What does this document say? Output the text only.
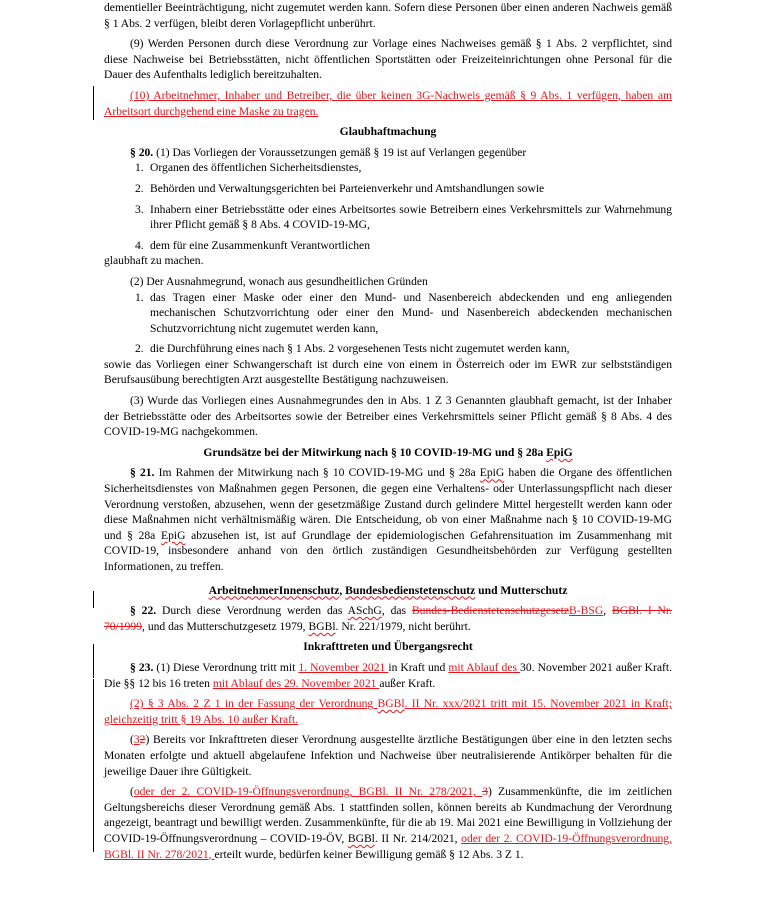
dementieller Beeinträchtigung, nicht zugemutet werden kann. Sofern diese Personen über einen anderen Nachweis gemäß § 1 Abs. 2 verfügen, bleibt deren Vorlagepflicht unberührt.

(9) Werden Personen durch diese Verordnung zur Vorlage eines Nachweises gemäß § 1 Abs. 2 verpflichtet, sind diese Nachweise bei Betriebsstätten, nicht öffentlichen Sportstätten oder Freizeiteinrichtungen ohne Personal für die Dauer des Aufenthalts lediglich bereitzuhalten.

(10) Arbeitnehmer, Inhaber und Betreiber, die über keinen 3G-Nachweis gemäß § 9 Abs. 1 verfügen, haben am Arbeitsort durchgehend eine Maske zu tragen.

Glaubhaftmachung

§ 20. (1) Das Vorliegen der Voraussetzungen gemäß § 19 ist auf Verlangen gegenüber

1. Organen des öffentlichen Sicherheitsdienstes,
2. Behörden und Verwaltungsgerichten bei Parteienverkehr und Amtshandlungen sowie
3. Inhabern einer Betriebsstätte oder eines Arbeitsortes sowie Betreibern eines Verkehrsmittels zur Wahrnehmung ihrer Pflicht gemäß § 8 Abs. 4 COVID-19-MG,
4. dem für eine Zusammenkunft Verantwortlichen

glaubhaft zu machen.

(2) Der Ausnahmegrund, wonach aus gesundheitlichen Gründen

1. das Tragen einer Maske oder einer den Mund- und Nasenbereich abdeckenden und eng anliegenden mechanischen Schutzvorrichtung oder einer den Mund- und Nasenbereich abdeckenden mechanischen Schutzvorrichtung nicht zugemutet werden kann,
2. die Durchführung eines nach § 1 Abs. 2 vorgesehenen Tests nicht zugemutet werden kann,

sowie das Vorliegen einer Schwangerschaft ist durch eine von einem in Österreich oder im EWR zur selbstständigen Berufsausübung berechtigten Arzt ausgestellte Bestätigung nachzuweisen.

(3) Wurde das Vorliegen eines Ausnahmegrundes den in Abs. 1 Z 3 Genannten glaubhaft gemacht, ist der Inhaber der Betriebsstätte oder des Arbeitsortes sowie der Betreiber eines Verkehrsmittels seiner Pflicht gemäß § 8 Abs. 4 des COVID-19-MG nachgekommen.

Grundsätze bei der Mitwirkung nach § 10 COVID-19-MG und § 28a EpiG

§ 21. Im Rahmen der Mitwirkung nach § 10 COVID-19-MG und § 28a EpiG haben die Organe des öffentlichen Sicherheitsdienstes von Maßnahmen gegen Personen, die gegen eine Verhaltens- oder Unterlassungspflicht nach dieser Verordnung verstoßen, abzusehen, wenn der gesetzmäßige Zustand durch gelindere Mittel hergestellt werden kann oder diese Maßnahmen nicht verhältnismäßig wären. Die Entscheidung, ob von einer Maßnahme nach § 10 COVID-19-MG und § 28a EpiG abzusehen ist, ist auf Grundlage der epidemiologischen Gefahrensituation im Zusammenhang mit COVID-19, insbesondere anhand von den örtlich zuständigen Gesundheitsbehörden zur Verfügung gestellten Informationen, zu treffen.

ArbeitnehmerInnenschutz, Bundesbedienstetenschutz und Mutterschutz

§ 22. Durch diese Verordnung werden das ASchG, das Bundes-BedienstetenschutzgesetzB-BSG, BGBl. I Nr. 70/1999, und das Mutterschutzgesetz 1979, BGBl. Nr. 221/1979, nicht berührt.

Inkrafttreten und Übergangsrecht

§ 23. (1) Diese Verordnung tritt mit 1. November 2021 in Kraft und mit Ablauf des 30. November 2021 außer Kraft. Die §§ 12 bis 16 treten mit Ablauf des 29. November 2021 außer Kraft.

(2) § 3 Abs. 2 Z 1 in der Fassung der Verordnung BGBl. II Nr. xxx/2021 tritt mit 15. November 2021 in Kraft; gleichzeitig tritt § 19 Abs. 10 außer Kraft.

(32) Bereits vor Inkrafttreten dieser Verordnung ausgestellte ärztliche Bestätigungen über eine in den letzten sechs Monaten erfolgte und aktuell abgelaufene Infektion und Nachweise über neutralisierende Antikörper behalten für die jeweilige Dauer ihre Gültigkeit.

(oder der 2. COVID-19-Öffnungsverordnung, BGBl. II Nr. 278/2021, 3) Zusammenkünfte, die im zeitlichen Geltungsbereichs dieser Verordnung gemäß Abs. 1 stattfinden sollen, können bereits ab Kundmachung der Verordnung angezeigt, beantragt und bewilligt werden. Zusammenkünfte, für die ab 19. Mai 2021 eine Bewilligung in Vollziehung der COVID-19-Öffnungsverordnung – COVID-19-ÖV, BGBl. II Nr. 214/2021, oder der 2. COVID-19-Öffnungsverordnung, BGBl. II Nr. 278/2021, erteilt wurde, bedürfen keiner Bewilligung gemäß § 12 Abs. 3 Z 1.
